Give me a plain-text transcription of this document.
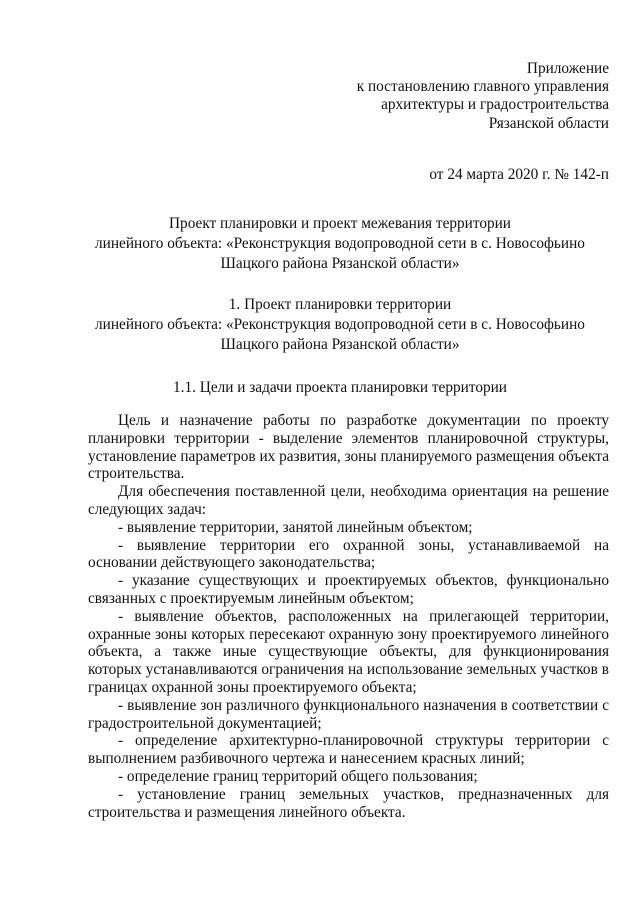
Приложение
к постановлению главного управления
архитектуры и градостроительства
Рязанской области
от 24 марта 2020 г. № 142-п
Проект планировки и проект межевания территории
линейного объекта: «Реконструкция водопроводной сети в с. Новософьино
Шацкого района Рязанской области»
1. Проект планировки территории
линейного объекта: «Реконструкция водопроводной сети в с. Новософьино
Шацкого района Рязанской области»
1.1. Цели и задачи проекта планировки территории

Цель и назначение работы по разработке документации по проекту планировки территории - выделение элементов планировочной структуры, установление параметров их развития, зоны планируемого размещения объекта строительства.

Для обеспечения поставленной цели, необходима ориентация на решение следующих задач:

- выявление территории, занятой линейным объектом;

- выявление территории его охранной зоны, устанавливаемой на основании действующего законодательства;

- указание существующих и проектируемых объектов, функционально связанных с проектируемым линейным объектом;

- выявление объектов, расположенных на прилегающей территории, охранные зоны которых пересекают охранную зону проектируемого линейного объекта, а также иные существующие объекты, для функционирования которых устанавливаются ограничения на использование земельных участков в границах охранной зоны проектируемого объекта;

- выявление зон различного функционального назначения в соответствии с градостроительной документацией;

- определение архитектурно-планировочной структуры территории с выполнением разбивочного чертежа и нанесением красных линий;

- определение границ территорий общего пользования;

- установление границ земельных участков, предназначенных для строительства и размещения линейного объекта.
